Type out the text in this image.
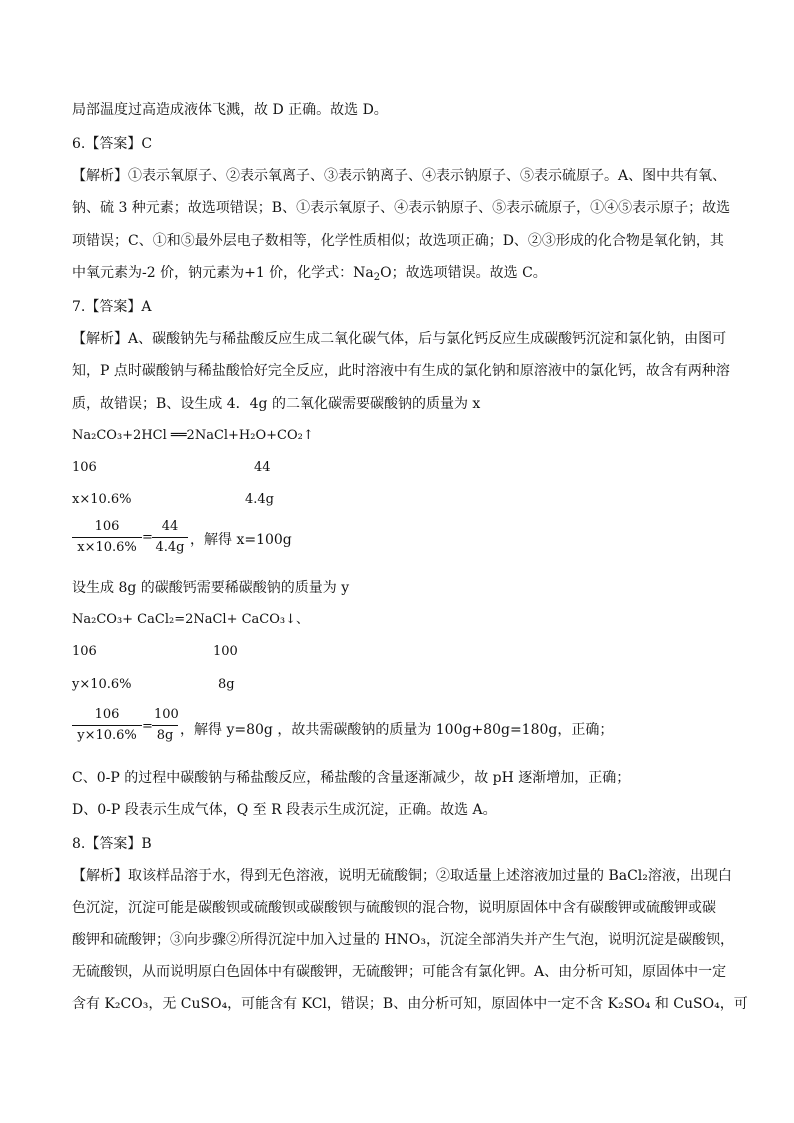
局部温度过高造成液体飞溅，故 D 正确。故选 D。
6.【答案】C
【解析】①表示氧原子、②表示氧离子、③表示钠离子、④表示钠原子、⑤表示硫原子。A、图中共有氧、
钠、硫 3 种元素；故选项错误；B、①表示氧原子、④表示钠原子、⑤表示硫原子，①④⑤表示原子；故选
项错误；C、①和⑤最外层电子数相等，化学性质相似；故选项正确；D、②③形成的化合物是氧化钠，其
中氧元素为-2 价，钠元素为+1 价，化学式：$Na_2O$；故选项错误。故选 C。
7.【答案】A
【解析】A、碳酸钠先与稀盐酸反应生成二氧化碳气体，后与氯化钙反应生成碳酸钙沉淀和氯化钠，由图可
知，P 点时碳酸钠与稀盐酸恰好完全反应，此时溶液中有生成的氯化钠和原溶液中的氯化钙，故含有两种溶
质，故错误；B、设生成 4．4g 的二氧化碳需要碳酸钠的质量为 x
Na₂CO₃+2HCl ══2NaCl+H₂O+CO₂↑
106	44
x×10.6%	4.4g
106
x×10.6%
=
44
4.4g ，解得 x=100g
设生成 8g 的碳酸钙需要稀碳酸钠的质量为 y
Na₂CO₃+ CaCl₂=2NaCl+ CaCO₃↓、
106	100
y×10.6%	8g
106
y×10.6%
=
100
8g ，解得 y=80g ，故共需碳酸钠的质量为 100g+80g=180g，正确；
C、0-P 的过程中碳酸钠与稀盐酸反应，稀盐酸的含量逐渐减少，故 pH 逐渐增加，正确；
D、0-P 段表示生成气体，Q 至 R 段表示生成沉淀，正确。故选 A。
8.【答案】B
【解析】取该样品溶于水，得到无色溶液，说明无硫酸铜；②取适量上述溶液加过量的 BaCl₂溶液，出现白
色沉淀，沉淀可能是碳酸钡或硫酸钡或碳酸钡与硫酸钡的混合物，说明原固体中含有碳酸钾或硫酸钾或碳
酸钾和硫酸钾；③向步骤②所得沉淀中加入过量的 HNO₃，沉淀全部消失并产生气泡，说明沉淀是碳酸钡，
无硫酸钡，从而说明原白色固体中有碳酸钾，无硫酸钾；可能含有氯化钾。A、由分析可知，原固体中一定
含有 K₂CO₃，无 CuSO₄，可能含有 KCl，错误；B、由分析可知，原固体中一定不含 K₂SO₄ 和 CuSO₄，可
